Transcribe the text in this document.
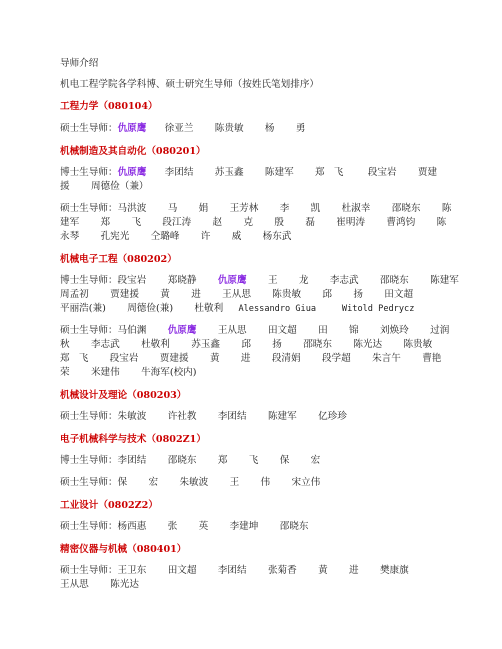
导师介绍
机电工程学院各学科博、硕士研究生导师（按姓氏笔划排序）
工程力学（080104）
硕士生导师：仇原鹰      徐亚兰       陈贵敏       杨       勇
机械制造及其自动化（080201）
博士生导师：仇原鹰      李团结       苏玉鑫       陈建军       郑   飞        段宝岩       贾建
援       周德俭（兼）
硕士生导师：马洪波       马       娟       王芳林       李       凯       杜淑幸       邵晓东       陈
建军       郑       飞       段江涛       赵       克       殷       磊       崔明涛       曹鸿钧       陈
永琴       孔宪光       仝璐峰       许       威       杨东武
机械电子工程（080202）
博士生导师：段宝岩       郑晓静       仇原鹰       王       龙       李志武       邵晓东       陈建军
周孟初       贾建援       黄       进       王从思       陈贵敏       邱       扬       田文超
平丽浩(兼)       周德俭(兼)       杜敬利     Alessandro Giua     Witold Pedrycz
硕士生导师：马伯渊       仇原鹰       王从思       田文超       田       锦       刘焕玲       过润
秋       李志武       杜敬利       苏玉鑫       邱       扬       邵晓东       陈光达       陈贵敏
郑   飞       段宝岩       贾建援       黄       进       段清娟       段学超       朱言午       曹艳
荣       米建伟       牛海军(校内)
机械设计及理论（080203）
硕士生导师：朱敏波       许社教       李团结       陈建军       亿珍珍
电子机械科学与技术（0802Z1）
博士生导师：李团结       邵晓东       郑       飞       保       宏
硕士生导师：保       宏       朱敏波       王       伟       宋立伟
工业设计（0802Z2）
硕士生导师：杨西惠       张       英       李建坤       邵晓东
精密仪器与机械（080401）
硕士生导师：王卫东       田文超       李团结       张菊香       黄       进       樊康旗
王从思       陈光达
